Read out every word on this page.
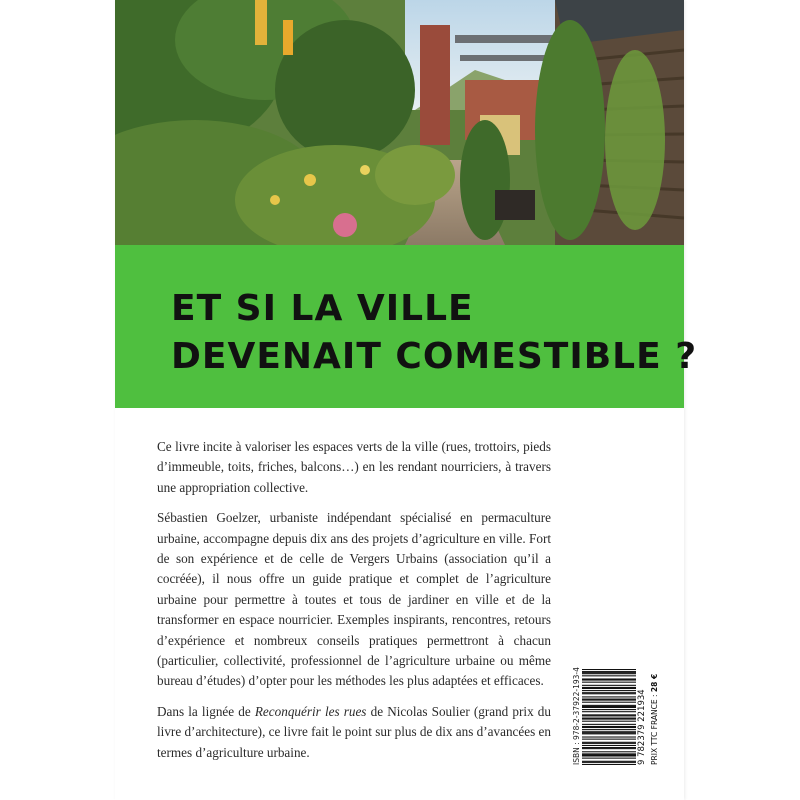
ET SI LA VILLE
DEVENAIT COMESTIBLE ?

Ce livre incite à valoriser les espaces verts de la ville (rues, trottoirs, pieds d’immeuble, toits, friches, balcons…) en les rendant nourriciers, à travers une appropriation collective.

Sébastien Goelzer, urbaniste indépendant spécialisé en permaculture urbaine, accompagne depuis dix ans des projets d’agriculture en ville. Fort de son expérience et de celle de Vergers Urbains (association qu’il a cocréée), il nous offre un guide pratique et complet de l’agriculture urbaine pour permettre à toutes et tous de jardiner en ville et de la transformer en espace nourricier. Exemples inspirants, rencontres, retours d’expérience et nombreux conseils pratiques permettront à chacun (particulier, collectivité, professionnel de l’agriculture urbaine ou même bureau d’études) d’opter pour les méthodes les plus adaptées et efficaces.

Dans la lignée de Reconquérir les rues de Nicolas Soulier (grand prix du livre d’architecture), ce livre fait le point sur plus de dix ans d’avancées en termes d’agriculture urbaine.	ISBN : 978-2-37922-193-4	9 782379 221934 PRIX TTC FRANCE : 28 €
